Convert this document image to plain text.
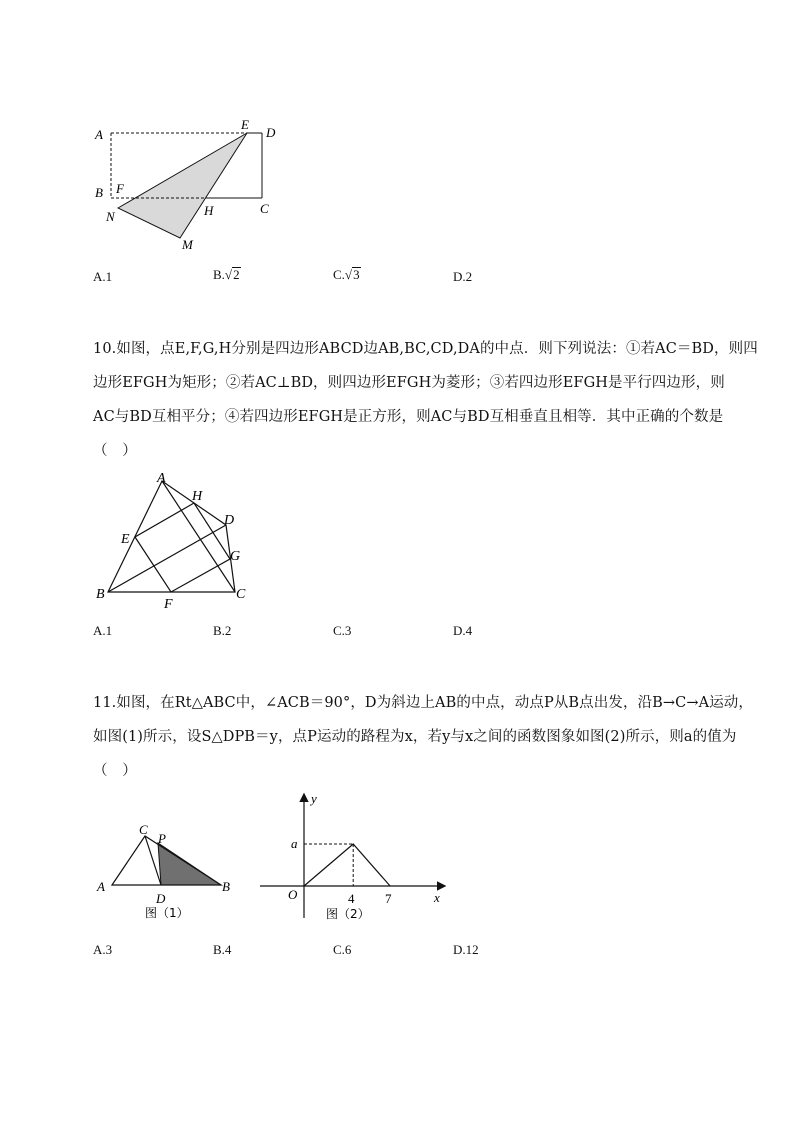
A
E
D
B F
N	H	C
M
A.1	B.√2	C.√3	D.2
10.如图，点E,F,G,H分别是四边形ABCD边AB,BC,CD,DA的中点．则下列说法：①若AC＝BD，则四
边形EFGH为矩形；②若AC⊥BD，则四边形EFGH为菱形；③若四边形EFGH是平行四边形，则
AC与BD互相平分；④若四边形EFGH是正方形，则AC与BD互相垂直且相等．其中正确的个数是
（　）
A
H
D
E
G
B
F
C
A.1	B.2	C.3	D.4
11.如图，在Rt△ABC中，∠ACB＝90°，D为斜边上AB的中点，动点P从B点出发，沿B→C→A运动，
如图(1)所示，设S△DPB＝y，点P运动的路程为x，若y与x之间的函数图象如图(2)所示，则a的值为
（　）
C
P
A
D
B
图（1）
y
x
O
a
4 7
图（2）
A.3	B.4	C.6	D.12
